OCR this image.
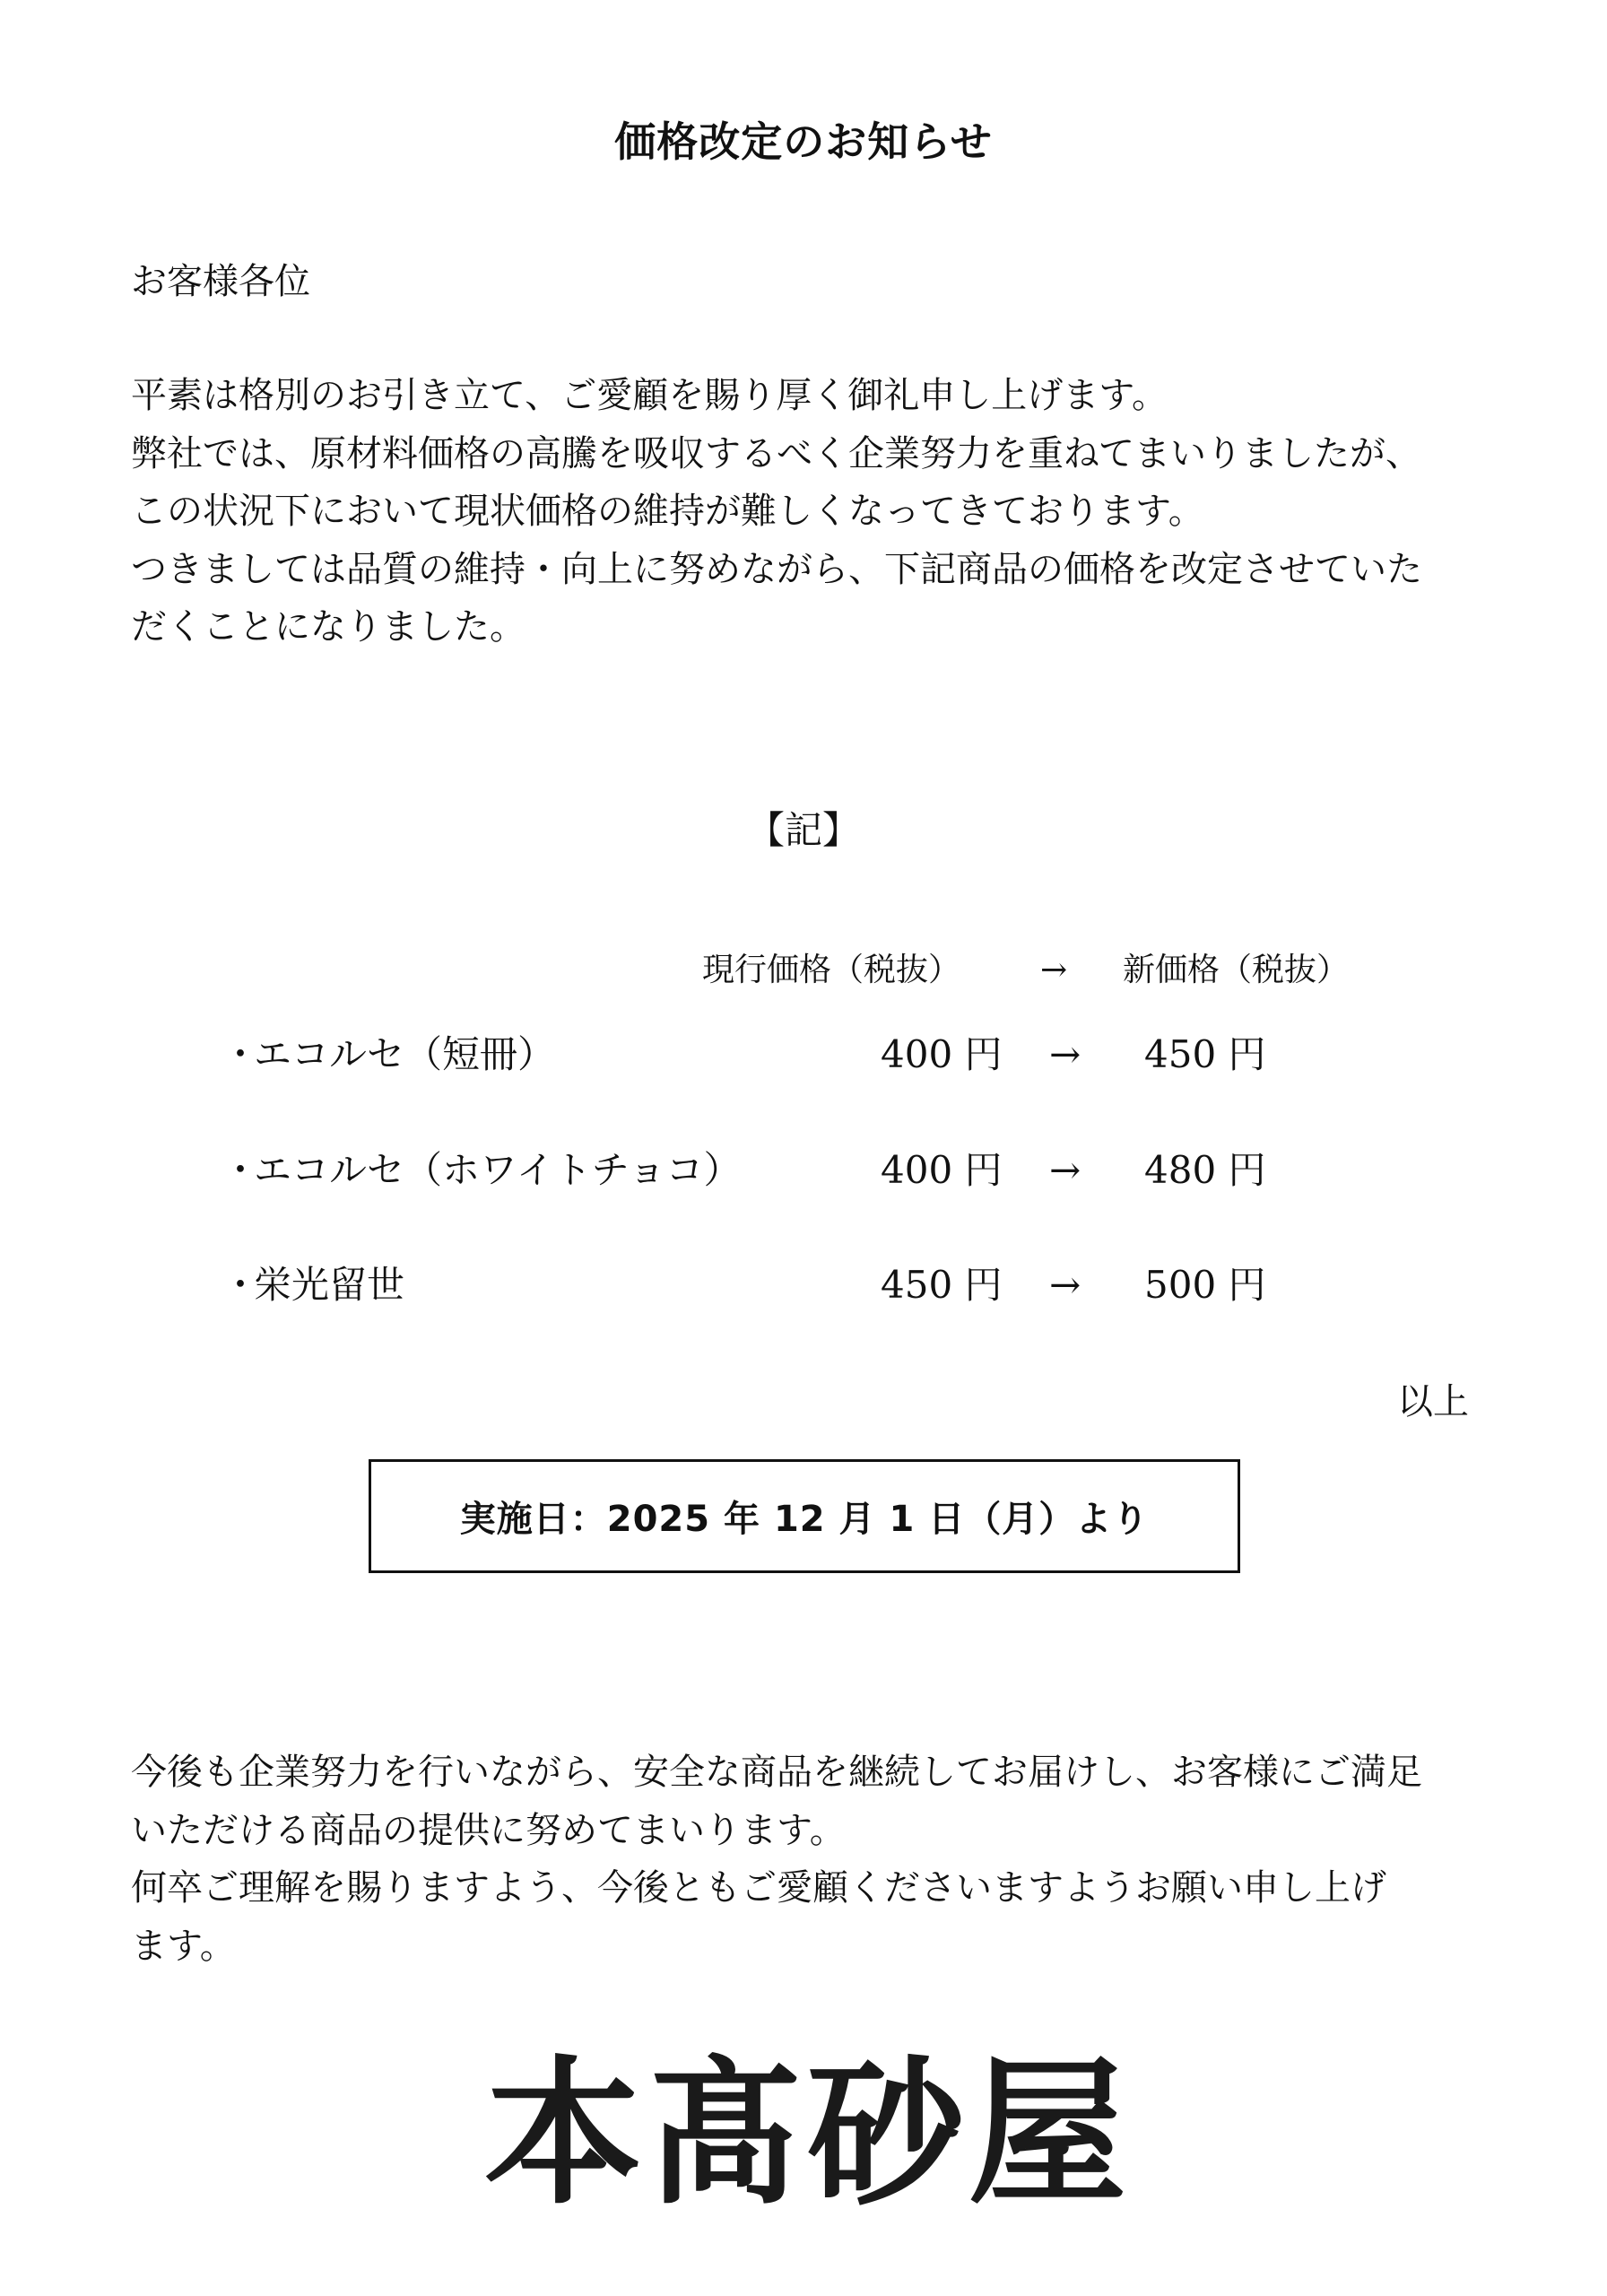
価格改定のお知らせ
お客様各位
平素は格別のお引き立て、ご愛顧を賜り厚く御礼申し上げます。
弊社では、原材料価格の高騰を吸収するべく企業努力を重ねてまいりましたが、
この状況下において現状価格の維持が難しくなってきております。
つきましては品質の維持・向上に努めながら、下記商品の価格を改定させていた
だくことになりました。
【記】
現行価格（税抜） → 新価格（税抜）
・
エコルセ（短冊）	400 円 → 450 円
・
エコルセ（ホワイトチョコ）	400 円 → 480 円
・
栄光留世	450 円 → 500 円
以上
実施日：2025 年 12 月 1 日（月）より
今後も企業努力を行いながら、安全な商品を継続してお届けし、お客様にご満足
いただける商品の提供に努めてまいります。
何卒ご理解を賜りますよう、今後ともご愛顧くださいますようお願い申し上げ
ます。
本髙砂屋
